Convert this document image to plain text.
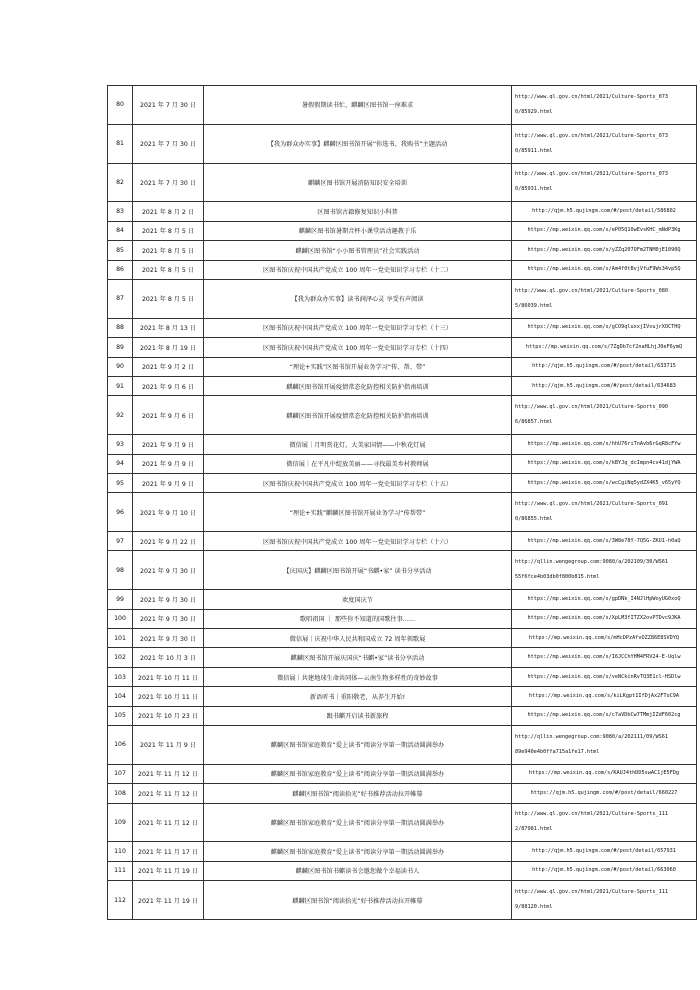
80	2021 年 7 月 30 日	暑假假期读书忙，麒麟区图书馆一座难求	http://www.ql.gov.cn/html/2021/Culture-Sports_073
0/85929.html
81	2021 年 7 月 30 日	【我为群众办实事】麒麟区图书馆开展“你选书、我购书”主题活动	http://www.ql.gov.cn/html/2021/Culture-Sports_073
0/85911.html
82	2021 年 7 月 30 日	麒麟区图书馆开展消防知识安全培训	http://www.ql.gov.cn/html/2021/Culture-Sports_073
0/85931.html
83	2021 年 8 月 2 日	区图书馆古籍修复知识小科普	http://qjm.h5.qujingm.com/#/post/detail/586802
84	2021 年 8 月 5 日	麒麟区图书馆暑期音杯小课堂活动趣教于乐	https://mp.weixin.qq.com/s/eP05Q10wEvsKHC_mNdP3Kg
85	2021 年 8 月 5 日	麒麟区图书馆“小小图书管理员”社会实践活动	https://mp.weixin.qq.com/s/yZZq207OFm2TNM0jE1090Q
86	2021 年 8 月 5 日	区图书馆庆祝中国共产党成立 100 周年一党史知识学习专栏（十二）	https://mp.weixin.qq.com/s/Am4f0tBvjVfuF9Ws34vp5Q
87	2021 年 8 月 5 日	【我为群众办实事】读书润泽心灵 享受有声阅读	http://www.ql.gov.cn/html/2021/Culture-Sports_080
5/86039.html
88	2021 年 8 月 13 日	区图书馆庆祝中国共产党成立 100 周年一党史知识学习专栏（十三）	https://mp.weixin.qq.com/s/gCO9qluxxjIVxujrXOCTHQ
89	2021 年 8 月 19 日	区图书馆庆祝中国共产党成立 100 周年一党史知识学习专栏（十四）	https://mp.weixin.qq.com/s/7ZgDb7cf2naHLhjJ0eF6ymQ
90	2021 年 9 月 2 日	“理论+实践”区图书馆开展业务学习“传、帮、带”	http://qjm.h5.qujingm.com/#/post/detail/633715
91	2021 年 9 月 6 日	麒麟区图书馆开展疫情常态化防控相关防护指南培训	http://qjm.h5.qujingm.com/#/post/detail/634683
92	2021 年 9 月 6 日	麒麟区图书馆开展疫情常态化防控相关防护指南培训	http://www.ql.gov.cn/html/2021/Culture-Sports_090
6/86857.html
93	2021 年 9 月 9 日	微信展｜月明赏花灯，大美家国情——中秋花灯展	https://mp.weixin.qq.com/s/hhU76riTnAvb6rGqR8cFYw
94	2021 年 9 月 9 日	微信展｜在平凡中绽放美丽——寻找最美乡村教师展	https://mp.weixin.qq.com/s/kBYJq_dcImpn4cv41djYWA
95	2021 年 9 月 9 日	区图书馆庆祝中国共产党成立 100 周年一党史知识学习专栏（十五）	https://mp.weixin.qq.com/s/wcCgiNq5ydZX4K5_v65yYQ
96	2021 年 9 月 10 日	“理论+实践”麒麟区图书馆开展业务学习“传帮带”	http://www.ql.gov.cn/html/2021/Culture-Sports_091
0/86855.html
97	2021 年 9 月 22 日	区图书馆庆祝中国共产党成立 100 周年一党史知识学习专栏（十六）	https://mp.weixin.qq.com/s/3W8e78Y-7Q5G-ZKU1-h0aQ
98	2021 年 9 月 30 日	【庆国庆】麒麟区图书馆开展“书麒•家” 读书分享活动	http://qllin.wengegroup.com:9080/a/202109/30/WS61
55f6fce4b03db0f800b815.html
99	2021 年 9 月 30 日	欢度国庆节	https://mp.weixin.qq.com/s/gpDNk_I4NJlHpWoyUG0xoQ
100	2021 年 9 月 30 日	歌唱祖国 ｜ 那些你不知道的国歌往事……	https://mp.weixin.qq.com/s/XpLM3fITZX2ovPTDvc9JKA
101	2021 年 9 月 30 日	微信展｜庆祝中华人民共和国成立 72 周年领歌展	https://mp.weixin.qq.com/s/mHcDPzAfvOZZ86E8SVDYQ
102	2021 年 10 月 3 日	麒麟区图书馆开展庆国庆“书麒•家”读书分享活动	https://mp.weixin.qq.com/s/I6JCChYHM4FRV24-E-Uqlw
103	2021 年 10 月 11 日	微信展｜共建地球生命共同体—云南生物多样性的奇妙故事	https://mp.weixin.qq.com/s/veNCkinRvTQ3E1cl-HSDlw
104	2021 年 10 月 11 日	新语听书｜重阳敬老，从养生开始!	https://mp.weixin.qq.com/s/kiLKgpt1IfDjAx2FToC9A
105	2021 年 10 月 23 日	跟书麒开启读书新旅程	https://mp.weixin.qq.com/s/c7aVDbCw7TMmjIZdF602cg
106	2021 年 11 月 9 日	麒麟区图书馆家庭教育“爱上读书”阅读分享第一期活动圆满举办	http://qllin.wengegroup.com:9080/a/202111/09/WS61
89e940e4b0ffa715a1fe17.html
107	2021 年 11 月 12 日	麒麟区图书馆家庭教育“爱上读书”阅读分享第一期活动圆满举办	https://mp.weixin.qq.com/s/KAUJ4thDD5swAC1jE5FDg
108	2021 年 11 月 12 日	麒麟区图书馆“阅读拾光”好书推荐活动拉开帷幕	https://qjm.h5.qujingm.com/#/post/detail/660227
109	2021 年 11 月 12 日	麒麟区图书馆家庭教育“爱上读书”阅读分享第一期活动圆满举办	http://www.ql.gov.cn/html/2021/Culture-Sports_111
2/87981.html
110	2021 年 11 月 17 日	麒麟区图书馆家庭教育“爱上读书”阅读分享第一期活动圆满举办	http://qjm.h5.qujingm.com/#/post/detail/657931
111	2021 年 11 月 19 日	麒麟区图书馆书麒读书会邀您做个幸福读书人	http://qjm.h5.qujingm.com/#/post/detail/663060
112	2021 年 11 月 19 日	麒麟区图书馆“阅读拾光”好书推荐活动拉开帷幕	http://www.ql.gov.cn/html/2021/Culture-Sports_111
9/88120.html
